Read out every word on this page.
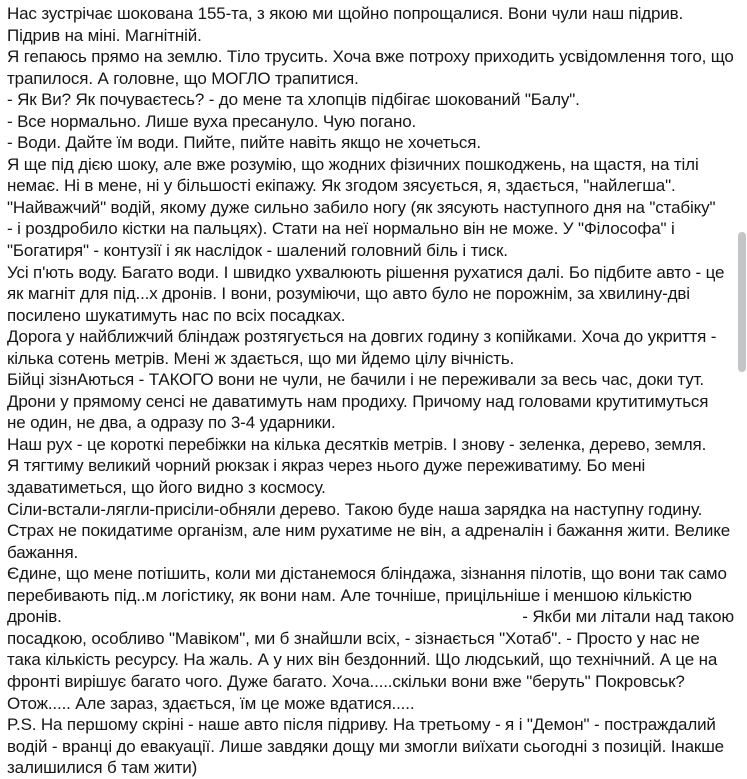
Нас зустрічає шокована 155-та, з якою ми щойно попрощалися. Вони чули наш підрив.
Підрив на міні. Магнітній.
Я гепаюсь прямо на землю. Тіло трусить. Хоча вже потроху приходить усвідомлення того, що
трапилося. А головне, що МОГЛО трапитися.
- Як Ви? Як почуваєтесь? - до мене та хлопців підбігає шокований "Балу".
- Все нормально. Лише вуха пресануло. Чую погано.
- Води. Дайте їм води. Пийте, пийте навіть якщо не хочеться.
Я ще під дією шоку, але вже розумію, що жодних фізичних пошкоджень, на щастя, на тілі
немає. Ні в мене, ні у більшості екіпажу. Як згодом зясується, я, здається, "найлегша".
"Найважчий" водій, якому дуже сильно забило ногу (як зясують наступного дня на "стабіку"
- і роздробило кістки на пальцях). Стати на неї нормально він не може. У "Філософа" і
"Богатиря" - контузії і як наслідок - шалений головний біль і тиск.
Усі п'ють воду. Багато води. І швидко ухвалюють рішення рухатися далі. Бо підбите авто - це
як магніт для під...х дронів. І вони, розуміючи, що авто було не порожнім, за хвилину-дві
посилено шукатимуть нас по всіх посадках.
Дорога у найближчий бліндаж розтягується на довгих годину з копійками. Хоча до укриття -
кілька сотень метрів. Мені ж здається, що ми йдемо цілу вічність.
Бійці зізнАються - ТАКОГО вони не чули, не бачили і не переживали за весь час, доки тут.
Дрони у прямому сенсі не даватимуть нам продиху. Причому над головами крутитимуться
не один, не два, а одразу по 3-4 ударники.
Наш рух - це короткі перебіжки на кілька десятків метрів. І знову - зеленка, дерево, земля.
Я тягтиму великий чорний рюкзак і якраз через нього дуже переживатиму. Бо мені
здаватиметься, що його видно з космосу.
Сіли-встали-лягли-присіли-обняли дерево. Такою буде наша зарядка на наступну годину.
Страх не покидатиме організм, але ним рухатиме не він, а адреналін і бажання жити. Велике
бажання.
Єдине, що мене потішить, коли ми дістанемося бліндажа, зізнання пілотів, що вони так само
перебивають під..м логістику, як вони нам. Але точніше, прицільніше і меншою кількістю
дронів.	- Якби ми літали над такою
посадкою, особливо "Мавіком", ми б знайшли всіх, - зізнається "Хотаб". - Просто у нас не
така кількість ресурсу. На жаль. А у них він бездонний. Що людський, що технічний. А це на
фронті вирішує багато чого. Дуже багато. Хоча.....скільки вони вже "беруть" Покровськ?
Отож..... Але зараз, здається, їм це може вдатися.....
P.S. На першому скріні - наше авто після підриву. На третьому - я і "Демон" - постраждалий
водій - вранці до евакуації. Лише завдяки дощу ми змогли виїхати сьогодні з позицій. Інакше
залишилися б там жити)
